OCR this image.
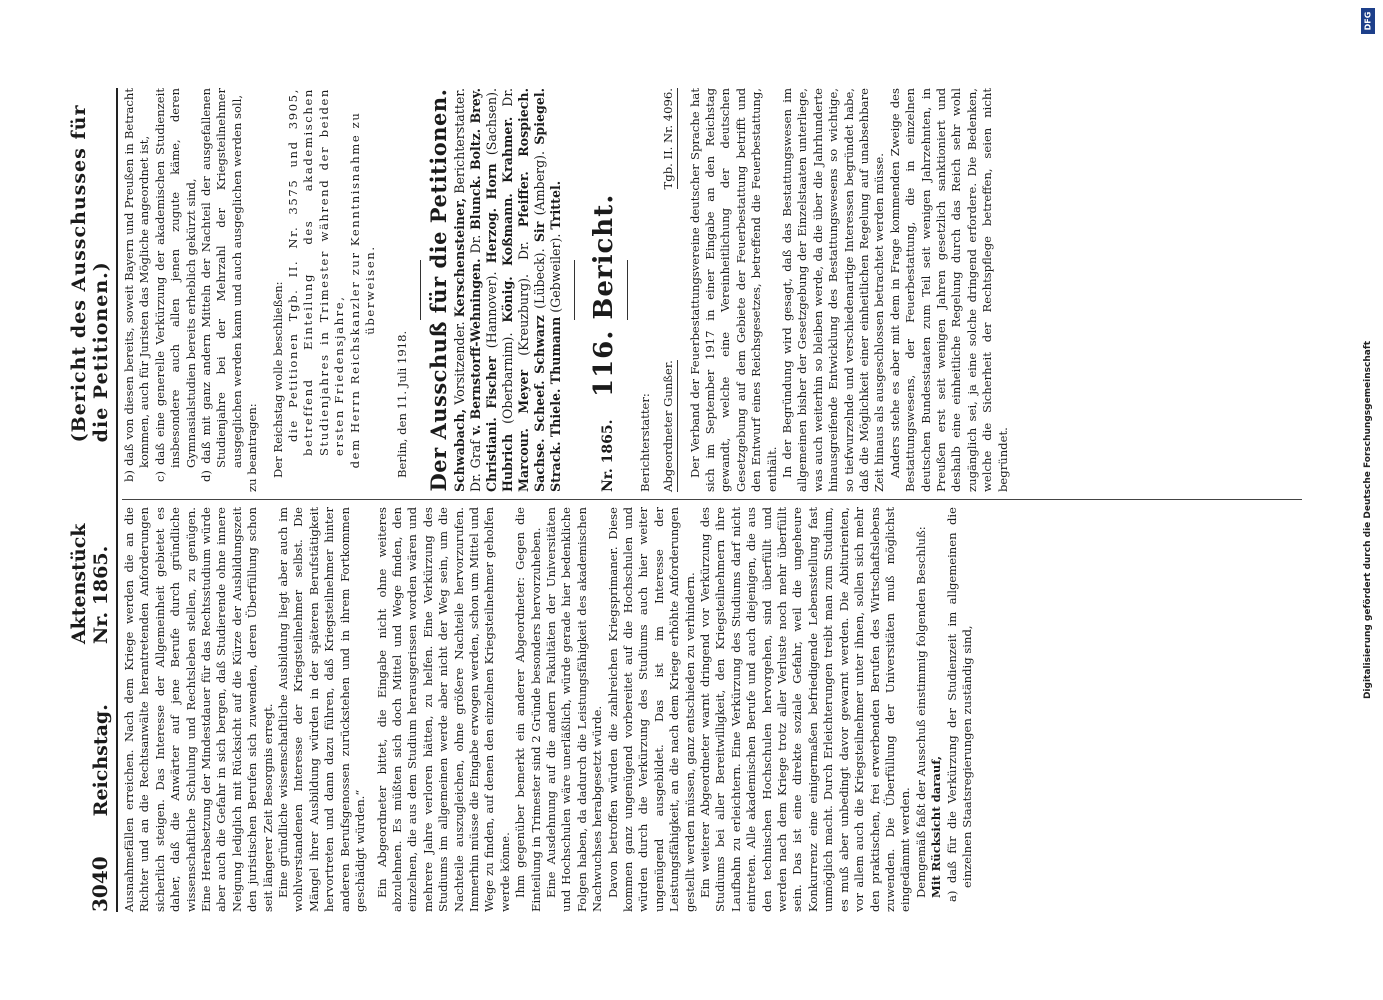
3040
Reichstag.
Aktenstück Nr. 1865.
(Bericht des Ausschusses für die Petitionen.)

Ausnahmefällen erreichen. Nach dem Kriege werden die an die Richter und an die Rechtsanwälte herantretenden Anforderungen sicherlich steigen. Das Interesse der Allgemeinheit gebietet es daher, daß die Anwärter auf jene Berufe durch gründliche wissenschaftliche Schulung und Rechtsleben stellen, zu genügen. Eine Herabsetzung der Mindestdauer für das Rechtsstudium würde aber auch die Gefahr in sich bergen, daß Studierende ohne innere Neigung lediglich mit Rücksicht auf die Kürze der Ausbildungszeit den juristischen Berufen sich zuwenden, deren Überfüllung schon seit längerer Zeit Besorgnis erregt. Eine gründliche wissenschaftliche Ausbildung liegt aber auch im wohlverstandenen Interesse der Kriegsteilnehmer selbst. Die Mängel ihrer Ausbildung würden in der späteren Berufstätigkeit hervortreten und dann dazu führen, daß Kriegsteilnehmer hinter anderen Berufsgenossen zurückstehen und in ihrem Fortkommen geschädigt würden.“ Ein Abgeordneter bittet, die Eingabe nicht ohne weiteres abzulehnen. Es müßten sich doch Mittel und Wege finden, den einzelnen, die aus dem Studium herausgerissen worden wären und mehrere Jahre verloren hätten, zu helfen. Eine Verkürzung des Studiums im allgemeinen werde aber nicht der Weg sein, um die Nachteile auszugleichen, ohne größere Nachteile hervorzurufen. Immerhin müsse die Eingabe erwogen werden, schon um Mittel und Wege zu finden, auf denen den einzelnen Kriegsteilnehmer geholfen werde könne. Ihm gegenüber bemerkt ein anderer Abgeordneter: Gegen die Einteilung in Trimester sind 2 Gründe besonders hervorzuheben. Eine Ausdehnung auf die andern Fakultäten der Universitäten und Hochschulen wäre unerläßlich, würde gerade hier bedenkliche Folgen haben, da dadurch die Leistungsfähigkeit des akademischen Nachwuchses herabgesetzt würde. Davon betroffen würden die zahlreichen Kriegsprimaner. Diese kommen ganz ungenügend vorbereitet auf die Hochschulen und würden durch die Verkürzung des Studiums auch hier weiter ungenügend ausgebildet. Das ist im Interesse der Leistungsfähigkeit, an die nach dem Kriege erhöhte Anforderungen gestellt werden müssen, ganz entschieden zu verhindern. Ein weiterer Abgeordneter warnt dringend vor Verkürzung des Studiums bei aller Bereitwilligkeit, den Kriegsteilnehmern ihre Laufbahn zu erleichtern. Eine Verkürzung des Studiums darf nicht eintreten. Alle akademischen Berufe und auch diejenigen, die aus den technischen Hochschulen hervorgehen, sind überfüllt und werden nach dem Kriege trotz aller Verluste noch mehr überfüllt sein. Das ist eine direkte soziale Gefahr, weil die ungeheure Konkurrenz eine einigermaßen befriedigende Lebensstellung fast unmöglich macht. Durch Erleichterungen treibt man zum Studium, es muß aber unbedingt davor gewarnt werden. Die Abiturienten, vor allem auch die Kriegsteilnehmer unter ihnen, sollen sich mehr den praktischen, frei erwerbenden Berufen des Wirtschaftslebens zuwenden. Die Überfüllung der Universitäten muß möglichst eingedämmt werden. Demgemäß faßt der Ausschuß einstimmig folgenden Beschluß: Mit Rücksicht darauf, a) daß für die Verkürzung der Studienzeit im allgemeinen die einzelnen Staatsregierungen zuständig sind,

b) daß von diesen bereits, soweit Bayern und Preußen in Betracht kommen, auch für Juristen das Mögliche angeordnet ist, c) daß eine generelle Verkürzung der akademischen Studienzeit insbesondere auch allen jenen zugute käme, deren Gymnasialstudien bereits erheblich gekürzt sind, d) daß mit ganz andern Mitteln der Nachteil der ausgefallenen Studienjahre bei der Mehrzahl der Kriegsteilnehmer ausgeglichen werden kann und auch ausgeglichen werden soll, zu beantragen: Der Reichstag wolle beschließen: die Petitionen Tgb. II. Nr. 3575 und 3905, betreffend Einteilung des akademischen Studienjahres in Trimester während der beiden ersten Friedensjahre, dem Herrn Reichskanzler zur Kenntnisnahme zu überweisen.

Berlin, den 11. Juli 1918. Der Ausschuß für die Petitionen. Schwabach, Vorsitzender. Kerschensteiner, Berichterstatter. Dr. Graf v. Bernstorff-Wehningen. Dr. Blunck. Boltz. Brey. Christiani. Fischer (Hannover). Herzog. Horn (Sachsen). Hubrich (Oberbarnim). König. Koßmann. Krahmer. Dr. Marcour. Meyer (Kreuzburg). Dr. Pfeiffer. Rospiech. Sachse. Scheef. Schwarz (Lübeck). Sir (Amberg). Spiegel. Strack. Thiele. Thumann (Gebweiler). Trittel.

Nr. 1865.
116. Bericht.

Berichterstatter: Abgeordneter Gunßer.
Tgb. II. Nr. 4096. Der Verband der Feuerbestattungsvereine deutscher Sprache hat sich im September 1917 in einer Eingabe an den Reichstag gewandt, welche eine Vereinheitlichung der deutschen Gesetzgebung auf dem Gebiete der Feuerbestattung betrifft und den Entwurf eines Reichsgesetzes, betreffend die Feuerbestattung, enthält. In der Begründung wird gesagt, daß das Bestattungswesen im allgemeinen bisher der Gesetzgebung der Einzelstaaten unterliege, was auch weiterhin so bleiben werde, da die über die Jahrhunderte hinausgreifende Entwicklung des Bestattungswesens so wichtige, so tiefwurzelnde und verschiedenartige Interessen begründet habe, daß die Möglichkeit einer einheitlichen Regelung auf unabsehbare Zeit hinaus als ausgeschlossen betrachtet werden müsse. Anders stehe es aber mit dem in Frage kommenden Zweige des Bestattungswesens, der Feuerbestattung, die in einzelnen deutschen Bundesstaaten zum Teil seit wenigen Jahrzehnten, in Preußen erst seit wenigen Jahren gesetzlich sanktioniert und deshalb eine einheitliche Regelung durch das Reich sehr wohl zugänglich sei, ja eine solche dringend erfordere. Die Bedenken, welche die Sicherheit der Rechtspflege betreffen, seien nicht begründet.

DFG
Digitalisierung gefördert durch die Deutsche Forschungsgemeinschaft
